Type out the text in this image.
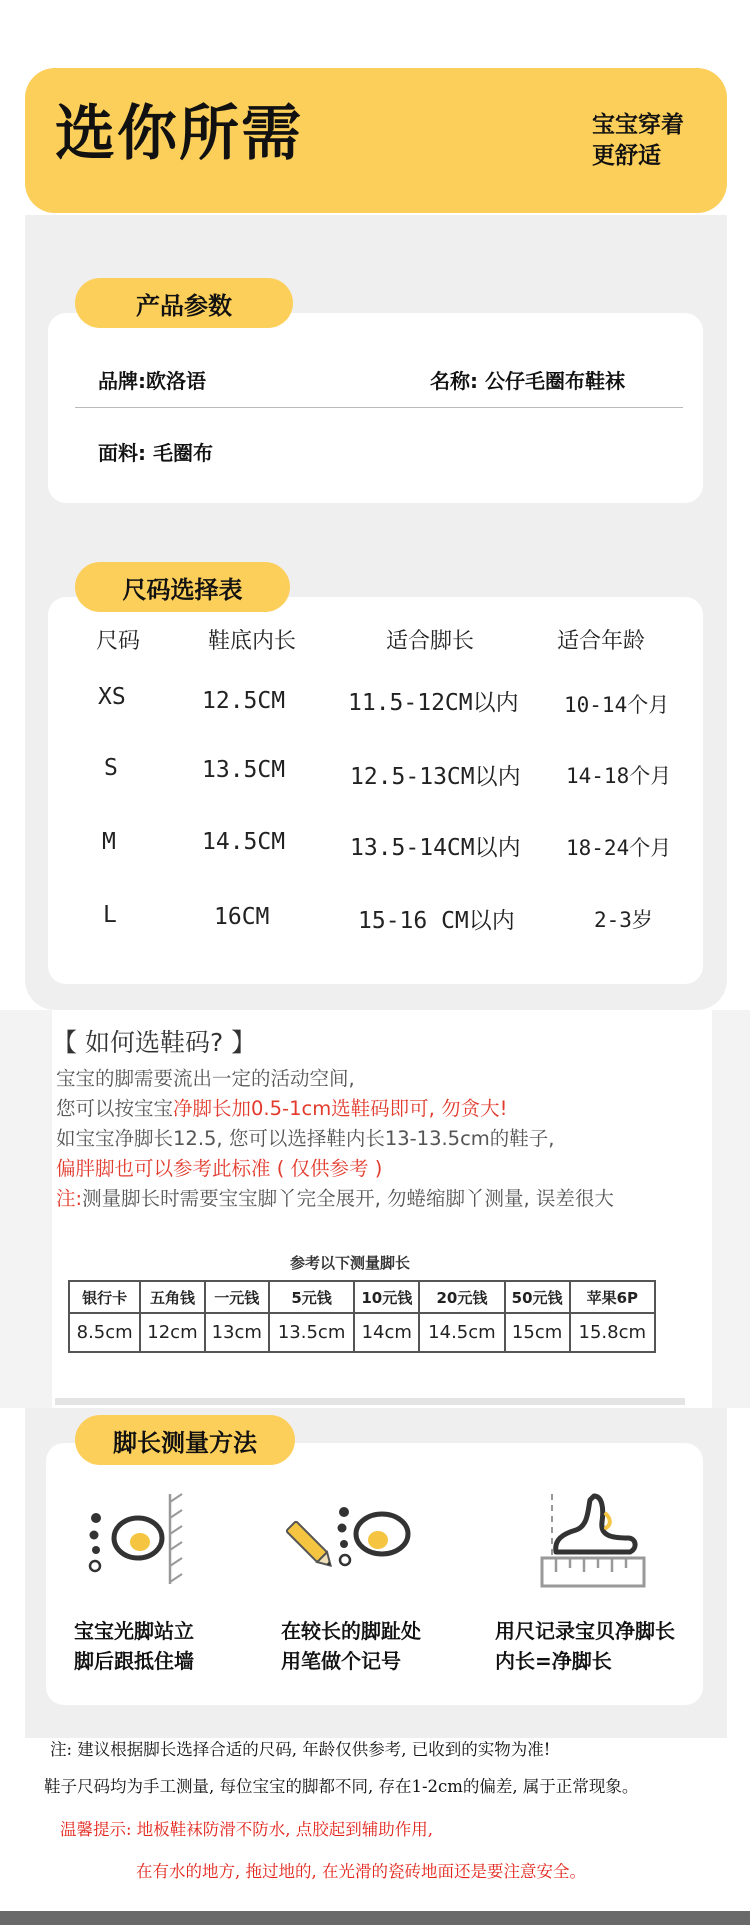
选你所需	宝宝穿着
更舒适
产品参数
品牌:欧洛语	名称: 公仔毛圈布鞋袜
面料: 毛圈布
尺码选择表
尺码	鞋底内长	适合脚长	适合年龄
XS	12.5CM	11.5-12CM以内 10-14个月
S	13.5CM	12.5-13CM以内 14-18个月
M	14.5CM	13.5-14CM以内 18-24个月
L	16CM	15-16 CM以内	2-3岁
【 如何选鞋码? 】
宝宝的脚需要流出一定的活动空间,
您可以按宝宝净脚长加0.5-1cm选鞋码即可, 勿贪大!
如宝宝净脚长12.5, 您可以选择鞋内长13-13.5cm的鞋子,
偏胖脚也可以参考此标准 ( 仅供参考 )
注:测量脚长时需要宝宝脚丫完全展开, 勿蜷缩脚丫测量, 误差很大
参考以下测量脚长
银行卡	五角钱	一元钱	5元钱	10元钱	20元钱	50元钱	苹果6P
8.5cm	12cm	13cm	13.5cm	14cm	14.5cm	15cm	15.8cm
脚长测量方法
宝宝光脚站立
脚后跟抵住墙
在较长的脚趾处
用笔做个记号
用尺记录宝贝净脚长
内长=净脚长
注: 建议根据脚长选择合适的尺码, 年龄仅供参考, 已收到的实物为准!
鞋子尺码均为手工测量, 每位宝宝的脚都不同, 存在1-2cm的偏差, 属于正常现象。
温馨提示: 地板鞋袜防滑不防水, 点胶起到辅助作用,
在有水的地方, 拖过地的, 在光滑的瓷砖地面还是要注意安全。
